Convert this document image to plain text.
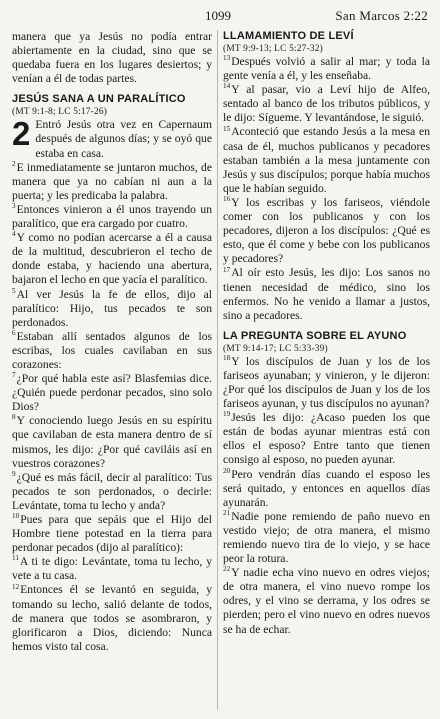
1099	San Marcos 2:22

manera que ya Jesús no podía entrar abiertamente en la ciudad, sino que se quedaba fuera en los lugares desiertos; y venían a él de todas partes.

JESÚS SANA A UN PARALÍTICO

(MT 9:1-8; LC 5:17-26)

2 Entró Jesús otra vez en Capernaum después de algunos días; y se oyó que estaba en casa.

$^2$E inmediatamente se juntaron muchos, de manera que ya no cabían ni aun a la puerta; y les predicaba la palabra.

$^3$Entonces vinieron a él unos trayendo un paralítico, que era cargado por cuatro.

$^4$Y como no podían acercarse a él a causa de la multitud, descubrieron el techo de donde estaba, y haciendo una abertura, bajaron el lecho en que yacía el paralítico.

$^5$Al ver Jesús la fe de ellos, dijo al paralítico: Hijo, tus pecados te son perdonados.

$^6$Estaban allí sentados algunos de los escribas, los cuales cavilaban en sus corazones:

$^7$¿Por qué habla este así? Blasfemias dice. ¿Quién puede perdonar pecados, sino solo Dios?

$^8$Y conociendo luego Jesús en su espíritu que cavilaban de esta manera dentro de sí mismos, les dijo: ¿Por qué caviláis así en vuestros corazones?

$^9$¿Qué es más fácil, decir al paralítico: Tus pecados te son perdonados, o decirle: Levántate, toma tu lecho y anda?

$^{10}$Pues para que sepáis que el Hijo del Hombre tiene potestad en la tierra para perdonar pecados (dijo al paralítico):

$^{11}$A ti te digo: Levántate, toma tu lecho, y vete a tu casa.

$^{12}$Entonces él se levantó en seguida, y tomando su lecho, salió delante de todos, de manera que todos se asombraron, y glorificaron a Dios, diciendo: Nunca hemos visto tal cosa.

LLAMAMIENTO DE LEVÍ

(MT 9:9-13; LC 5:27-32)

$^{13}$Después volvió a salir al mar; y toda la gente venía a él, y les enseñaba.

$^{14}$Y al pasar, vio a Leví hijo de Alfeo, sentado al banco de los tributos públicos, y le dijo: Sígueme. Y levantándose, le siguió.

$^{15}$Aconteció que estando Jesús a la mesa en casa de él, muchos publicanos y pecadores estaban también a la mesa juntamente con Jesús y sus discípulos; porque había muchos que le habían seguido.

$^{16}$Y los escribas y los fariseos, viéndole comer con los publicanos y con los pecadores, dijeron a los discípulos: ¿Qué es esto, que él come y bebe con los publicanos y pecadores?

$^{17}$Al oír esto Jesús, les dijo: Los sanos no tienen necesidad de médico, sino los enfermos. No he venido a llamar a justos, sino a pecadores.

LA PREGUNTA SOBRE EL AYUNO

(MT 9:14-17; LC 5:33-39)

$^{18}$Y los discípulos de Juan y los de los fariseos ayunaban; y vinieron, y le dijeron: ¿Por qué los discípulos de Juan y los de los fariseos ayunan, y tus discípulos no ayunan?

$^{19}$Jesús les dijo: ¿Acaso pueden los que están de bodas ayunar mientras está con ellos el esposo? Entre tanto que tienen consigo al esposo, no pueden ayunar.

$^{20}$Pero vendrán días cuando el esposo les será quitado, y entonces en aquellos días ayunarán.

$^{21}$Nadie pone remiendo de paño nuevo en vestido viejo; de otra manera, el mismo remiendo nuevo tira de lo viejo, y se hace peor la rotura.

$^{22}$Y nadie echa vino nuevo en odres viejos; de otra manera, el vino nuevo rompe los odres, y el vino se derrama, y los odres se pierden; pero el vino nuevo en odres nuevos se ha de echar.
